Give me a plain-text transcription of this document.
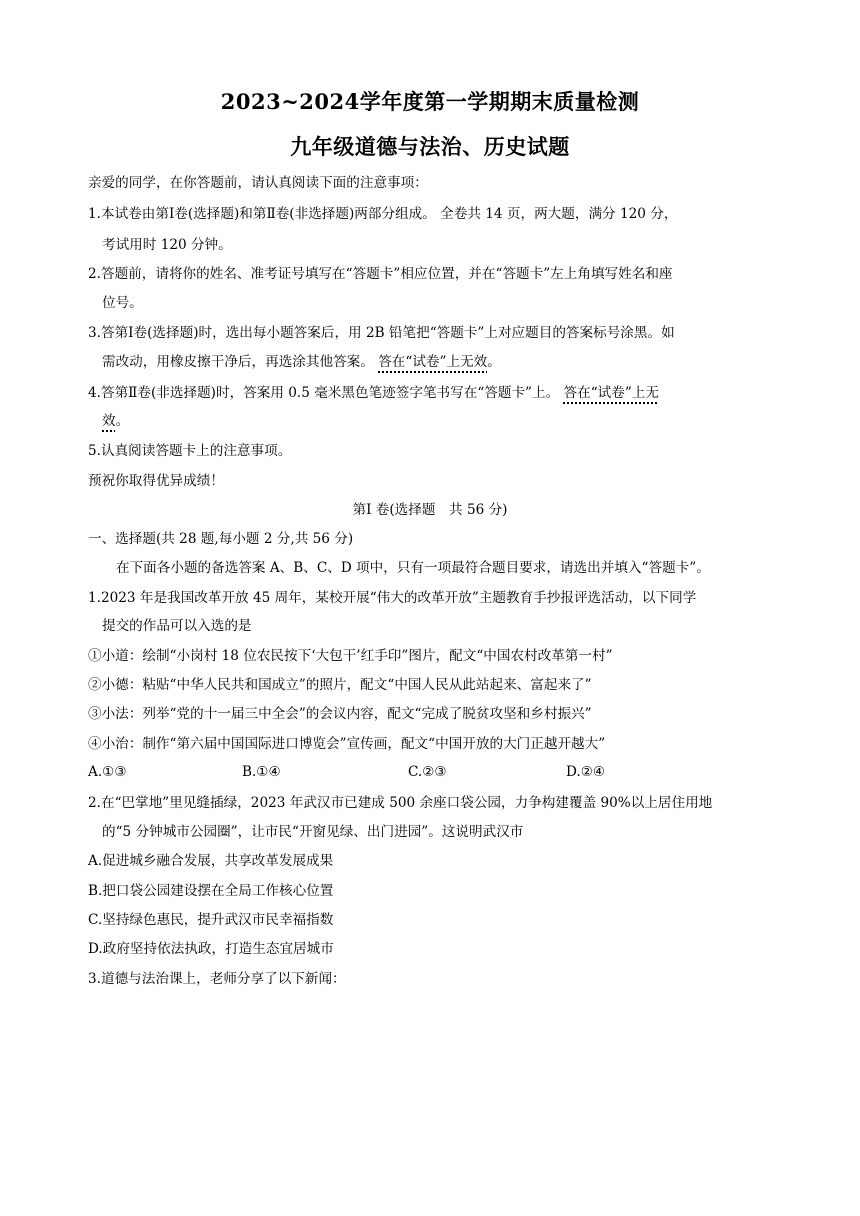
2023~2024学年度第一学期期末质量检测
九年级道德与法治、历史试题
亲爱的同学，在你答题前，请认真阅读下面的注意事项：
1.本试卷由第Ⅰ卷(选择题)和第Ⅱ卷(非选择题)两部分组成。 全卷共 14 页，两大题，满分 120 分，
考试用时 120 分钟。
2.答题前，请将你的姓名、准考证号填写在“答题卡”相应位置，并在“答题卡”左上角填写姓名和座
位号。
3.答第Ⅰ卷(选择题)时，选出每小题答案后，用 2B 铅笔把“答题卡”上对应题目的答案标号涂黑。如
需改动，用橡皮擦干净后，再选涂其他答案。 答在“试卷”上无效。
4.答第Ⅱ卷(非选择题)时，答案用 0.5 毫米黑色笔迹签字笔书写在“答题卡”上。 答在“试卷”上无
效。
5.认真阅读答题卡上的注意事项。
预祝你取得优异成绩！
第Ⅰ 卷(选择题　共 56 分)
一、选择题(共 28 题,每小题 2 分,共 56 分)
在下面各小题的备选答案 A、B、C、D 项中，只有一项最符合题目要求，请选出并填入“答题卡”。
1.2023 年是我国改革开放 45 周年，某校开展“伟大的改革开放”主题教育手抄报评选活动，以下同学
提交的作品可以入选的是
①小道：绘制“小岗村 18 位农民按下‘大包干’红手印”图片，配文“中国农村改革第一村”
②小德：粘贴“中华人民共和国成立”的照片，配文“中国人民从此站起来、富起来了”
③小法：列举“党的十一届三中全会”的会议内容，配文“完成了脱贫攻坚和乡村振兴”
④小治：制作“第六届中国国际进口博览会”宣传画，配文“中国开放的大门正越开越大”
A.①③	B.①④	C.②③	D.②④
2.在“巴掌地”里见缝插绿，2023 年武汉市已建成 500 余座口袋公园，力争构建覆盖 90%以上居住用地
的“5 分钟城市公园圈”，让市民“开窗见绿、出门进园”。这说明武汉市
A.促进城乡融合发展，共享改革发展成果
B.把口袋公园建设摆在全局工作核心位置
C.坚持绿色惠民，提升武汉市民幸福指数
D.政府坚持依法执政，打造生态宜居城市
3.道德与法治课上，老师分享了以下新闻：
